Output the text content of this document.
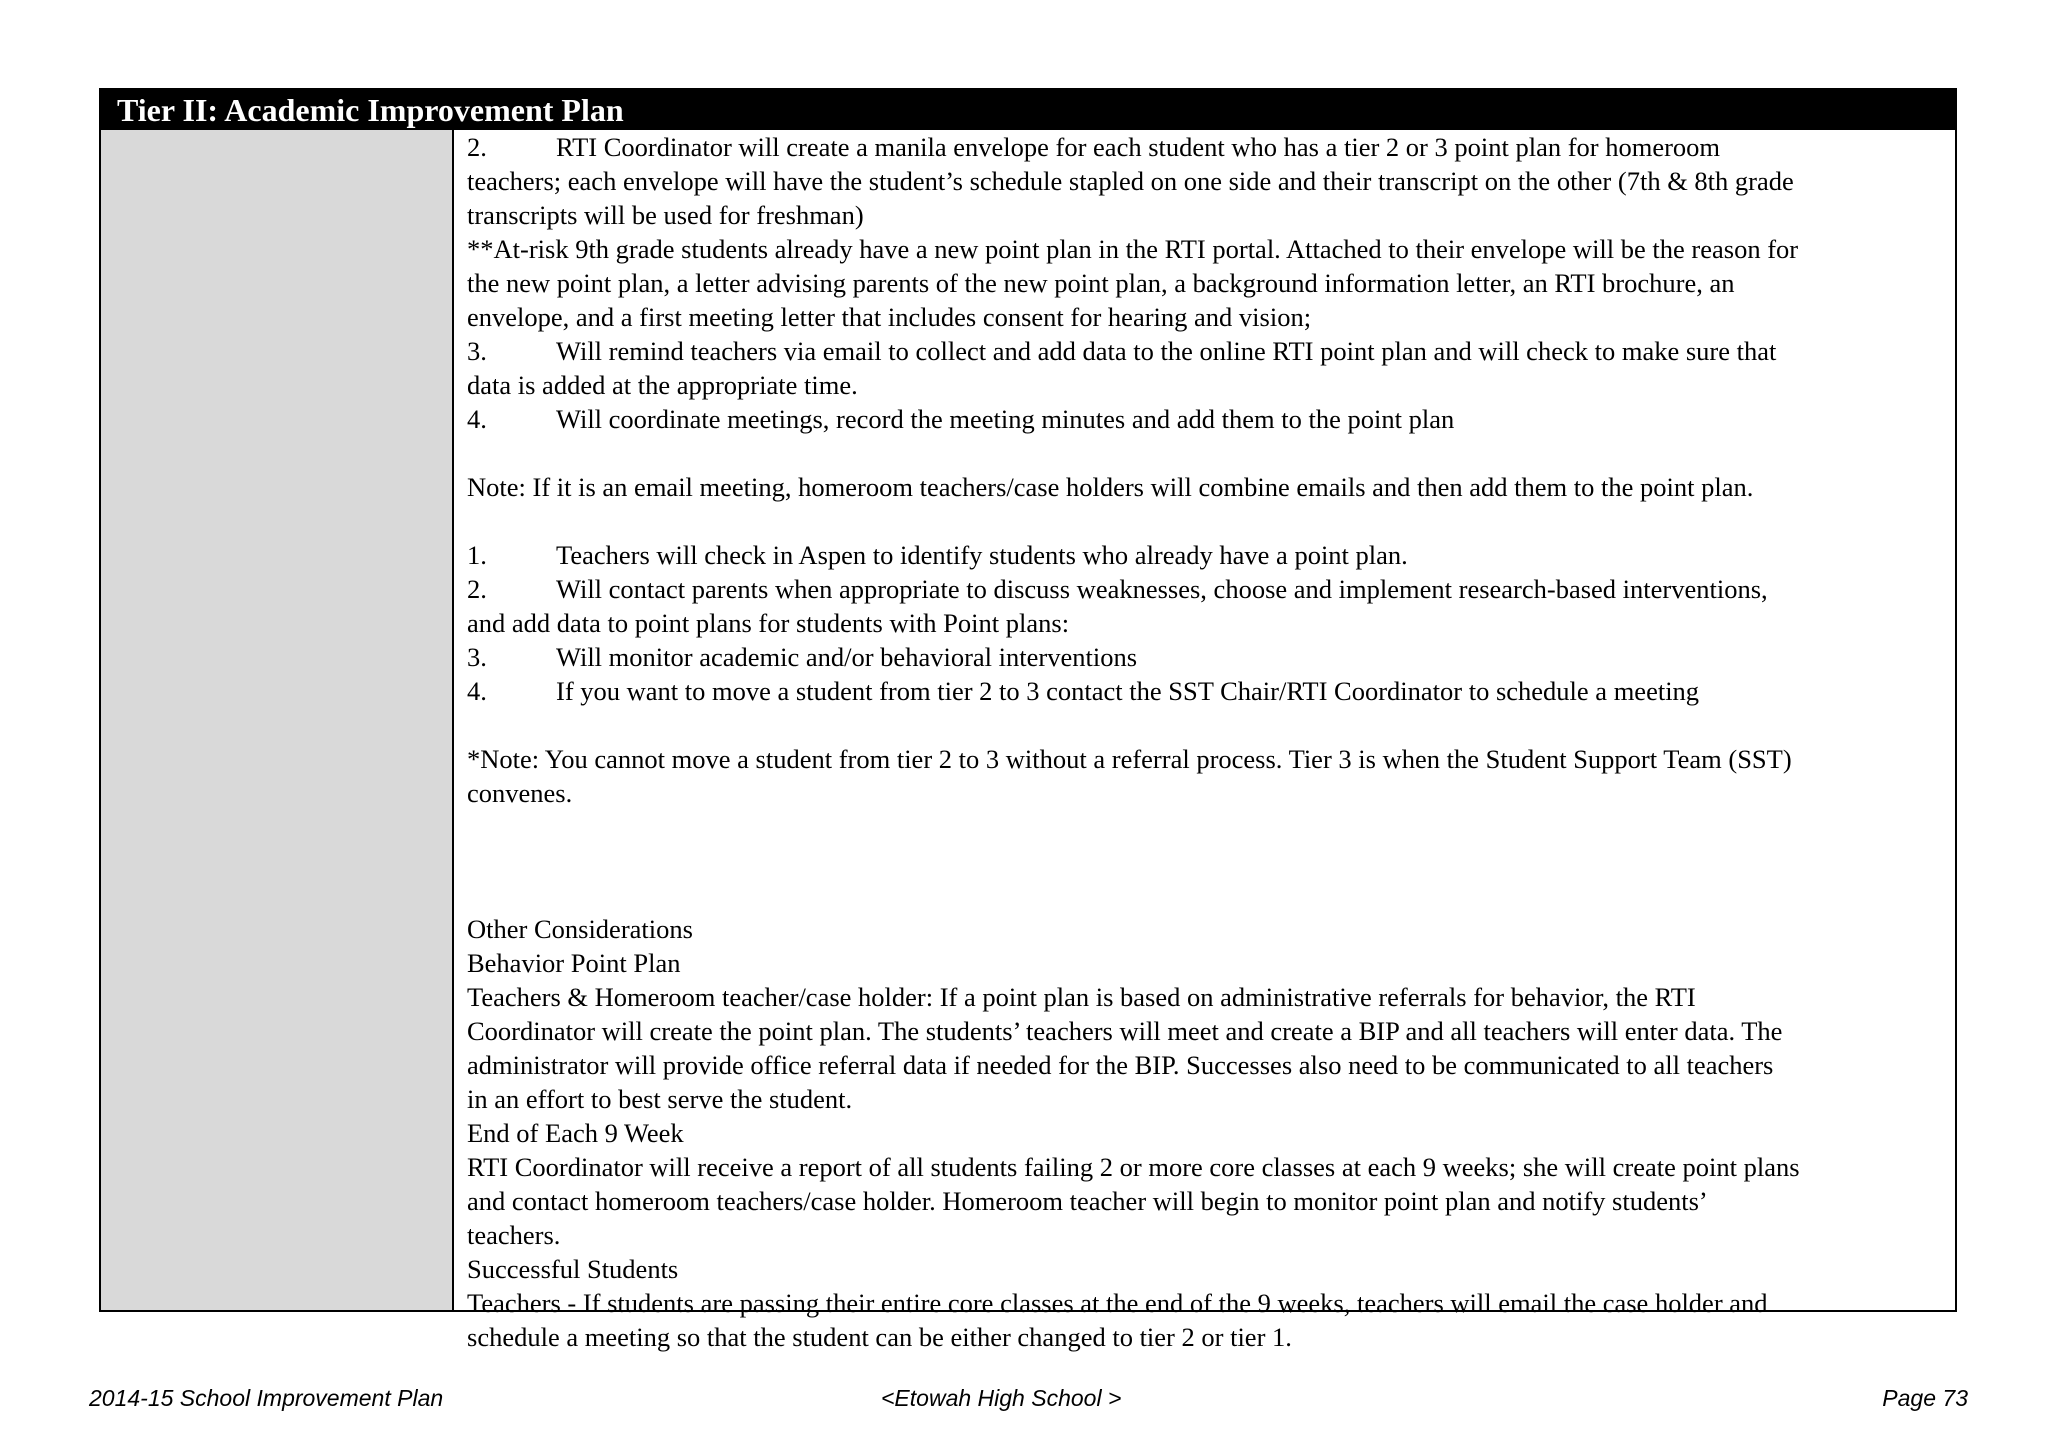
Tier II: Academic Improvement Plan
2.	RTI Coordinator will create a manila envelope for each student who has a tier 2 or 3 point plan for homeroom
teachers; each envelope will have the student’s schedule stapled on one side and their transcript on the other (7th & 8th grade
transcripts will be used for freshman)
**At-risk 9th grade students already have a new point plan in the RTI portal. Attached to their envelope will be the reason for
the new point plan, a letter advising parents of the new point plan, a background information letter, an RTI brochure, an
envelope, and a first meeting letter that includes consent for hearing and vision;
3.	Will remind teachers via email to collect and add data to the online RTI point plan and will check to make sure that
data is added at the appropriate time.
4.	Will coordinate meetings, record the meeting minutes and add them to the point plan
Note: If it is an email meeting, homeroom teachers/case holders will combine emails and then add them to the point plan.
1.	Teachers will check in Aspen to identify students who already have a point plan.
2.	Will contact parents when appropriate to discuss weaknesses, choose and implement research-based interventions,
and add data to point plans for students with Point plans:
3.	Will monitor academic and/or behavioral interventions
4.	If you want to move a student from tier 2 to 3 contact the SST Chair/RTI Coordinator to schedule a meeting
*Note: You cannot move a student from tier 2 to 3 without a referral process. Tier 3 is when the Student Support Team (SST)
convenes.
Other Considerations
Behavior Point Plan
Teachers & Homeroom teacher/case holder: If a point plan is based on administrative referrals for behavior, the RTI
Coordinator will create the point plan. The students’ teachers will meet and create a BIP and all teachers will enter data. The
administrator will provide office referral data if needed for the BIP. Successes also need to be communicated to all teachers
in an effort to best serve the student.
End of Each 9 Week
RTI Coordinator will receive a report of all students failing 2 or more core classes at each 9 weeks; she will create point plans
and contact homeroom teachers/case holder. Homeroom teacher will begin to monitor point plan and notify students’
teachers.
Successful Students
Teachers - If students are passing their entire core classes at the end of the 9 weeks, teachers will email the case holder and
schedule a meeting so that the student can be either changed to tier 2 or tier 1.
2014-15 School Improvement Plan	<Etowah High School >	Page 73
